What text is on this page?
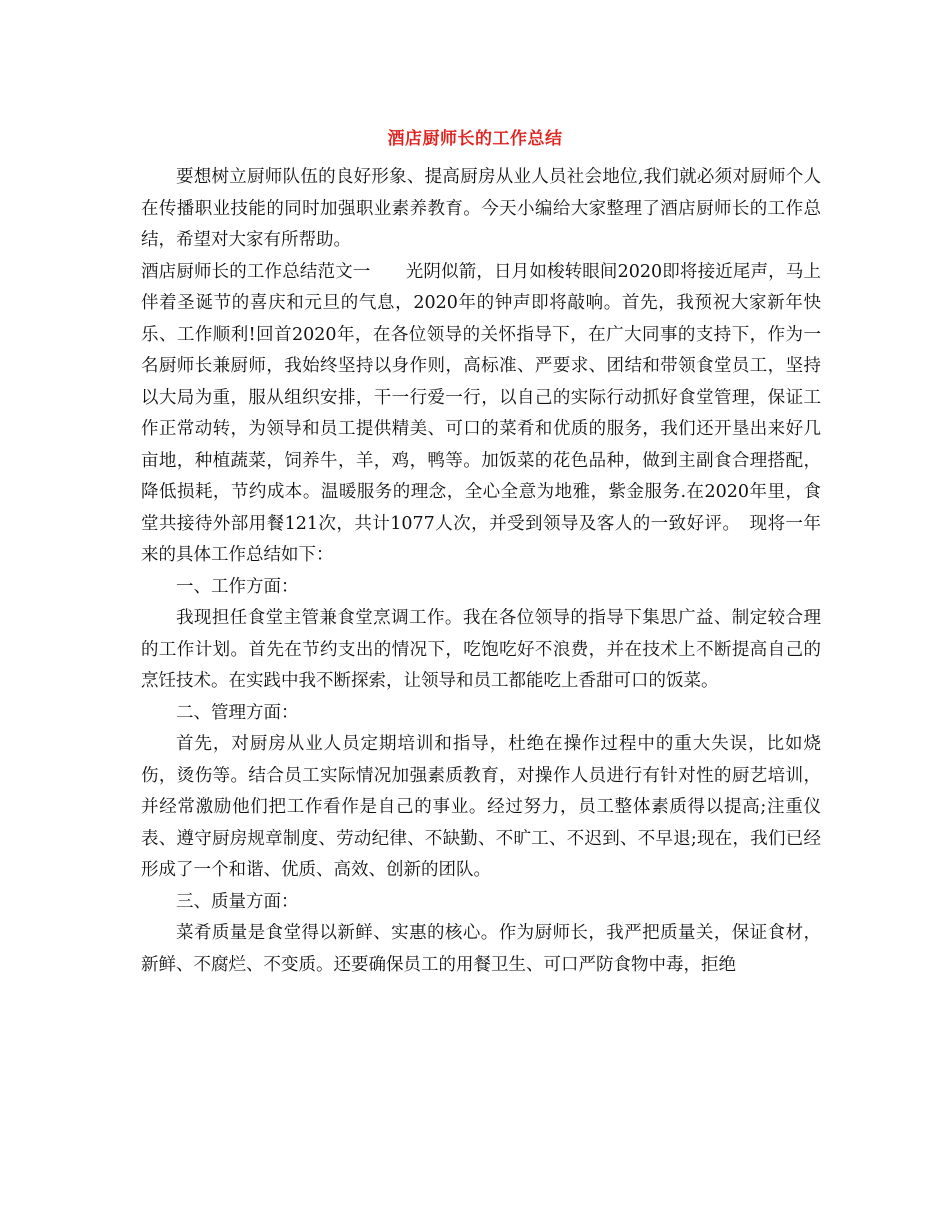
酒店厨师长的工作总结

要想树立厨师队伍的良好形象、提高厨房从业人员社会地位,我们就必须对厨师个人在传播职业技能的同时加强职业素养教育。今天小编给大家整理了酒店厨师长的工作总结，希望对大家有所帮助。

酒店厨师长的工作总结范文一　　光阴似箭，日月如梭转眼间2020即将接近尾声，马上伴着圣诞节的喜庆和元旦的气息，2020年的钟声即将敲响。首先，我预祝大家新年快乐、工作顺利!回首2020年，在各位领导的关怀指导下，在广大同事的支持下，作为一名厨师长兼厨师，我始终坚持以身作则，高标准、严要求、团结和带领食堂员工，坚持以大局为重，服从组织安排，干一行爱一行，以自己的实际行动抓好食堂管理，保证工作正常动转，为领导和员工提供精美、可口的菜肴和优质的服务，我们还开垦出来好几亩地，种植蔬菜，饲养牛，羊，鸡，鸭等。加饭菜的花色品种，做到主副食合理搭配，降低损耗，节约成本。温暖服务的理念，全心全意为地雅，紫金服务.在2020年里，食堂共接待外部用餐121次，共计1077人次，并受到领导及客人的一致好评。　现将一年来的具体工作总结如下：

一、工作方面：

我现担任食堂主管兼食堂烹调工作。我在各位领导的指导下集思广益、制定较合理的工作计划。首先在节约支出的情况下，吃饱吃好不浪费，并在技术上不断提高自己的烹饪技术。在实践中我不断探索，让领导和员工都能吃上香甜可口的饭菜。

二、管理方面：

首先，对厨房从业人员定期培训和指导，杜绝在操作过程中的重大失误，比如烧伤，烫伤等。结合员工实际情况加强素质教育，对操作人员进行有针对性的厨艺培训，并经常激励他们把工作看作是自己的事业。经过努力，员工整体素质得以提高;注重仪表、遵守厨房规章制度、劳动纪律、不缺勤、不旷工、不迟到、不早退;现在，我们已经形成了一个和谐、优质、高效、创新的团队。

三、质量方面：

菜肴质量是食堂得以新鲜、实惠的核心。作为厨师长，我严把质量关，保证食材，新鲜、不腐烂、不变质。还要确保员工的用餐卫生、可口严防食物中毒，拒绝
